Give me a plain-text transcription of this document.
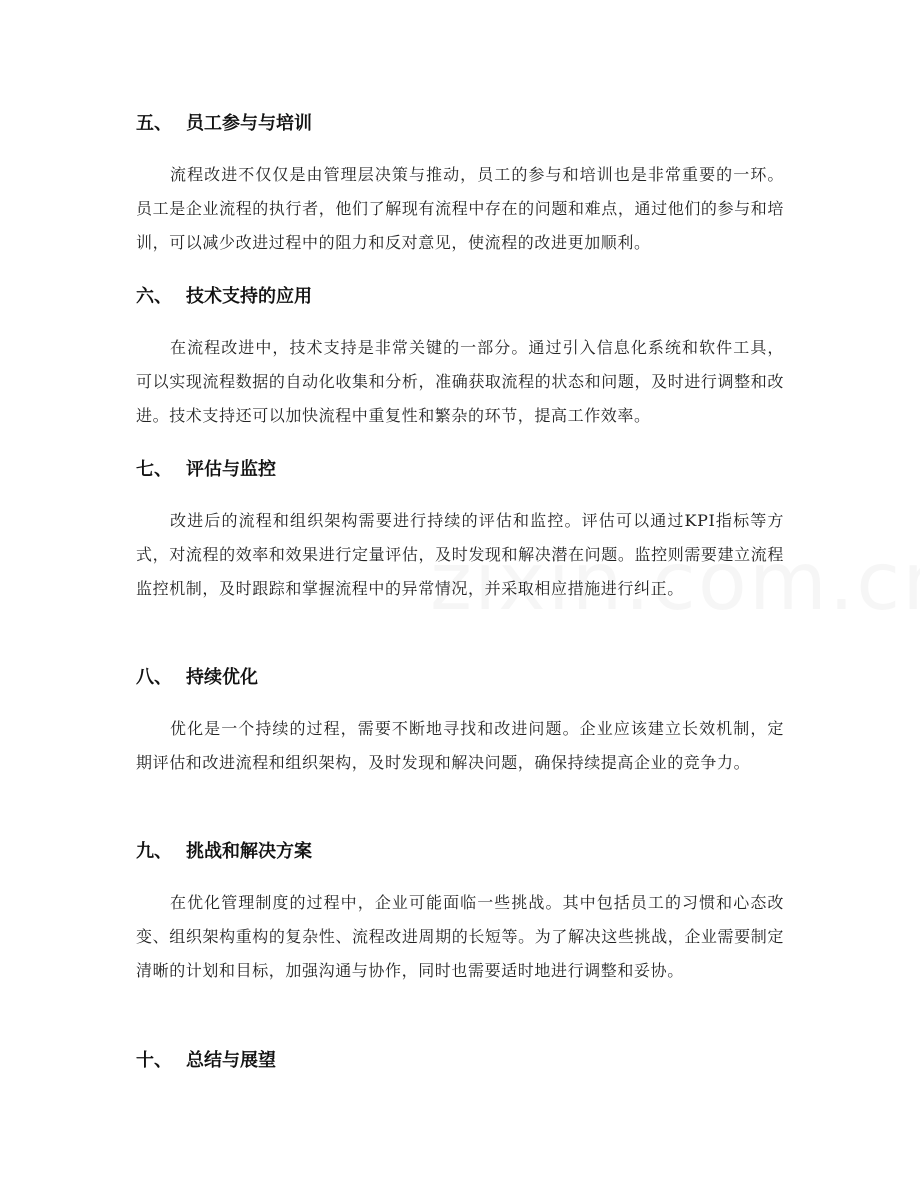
五、 员工参与与培训

流程改进不仅仅是由管理层决策与推动，员工的参与和培训也是非常重要的一环。员工是企业流程的执行者，他们了解现有流程中存在的问题和难点，通过他们的参与和培训，可以减少改进过程中的阻力和反对意见，使流程的改进更加顺利。

六、 技术支持的应用

在流程改进中，技术支持是非常关键的一部分。通过引入信息化系统和软件工具，可以实现流程数据的自动化收集和分析，准确获取流程的状态和问题，及时进行调整和改进。技术支持还可以加快流程中重复性和繁杂的环节，提高工作效率。

七、 评估与监控

改进后的流程和组织架构需要进行持续的评估和监控。评估可以通过KPI指标等方式，对流程的效率和效果进行定量评估，及时发现和解决潜在问题。监控则需要建立流程监控机制，及时跟踪和掌握流程中的异常情况，并采取相应措施进行纠正。

八、 持续优化

优化是一个持续的过程，需要不断地寻找和改进问题。企业应该建立长效机制，定期评估和改进流程和组织架构，及时发现和解决问题，确保持续提高企业的竞争力。

九、 挑战和解决方案

在优化管理制度的过程中，企业可能面临一些挑战。其中包括员工的习惯和心态改变、组织架构重构的复杂性、流程改进周期的长短等。为了解决这些挑战，企业需要制定清晰的计划和目标，加强沟通与协作，同时也需要适时地进行调整和妥协。

十、 总结与展望
